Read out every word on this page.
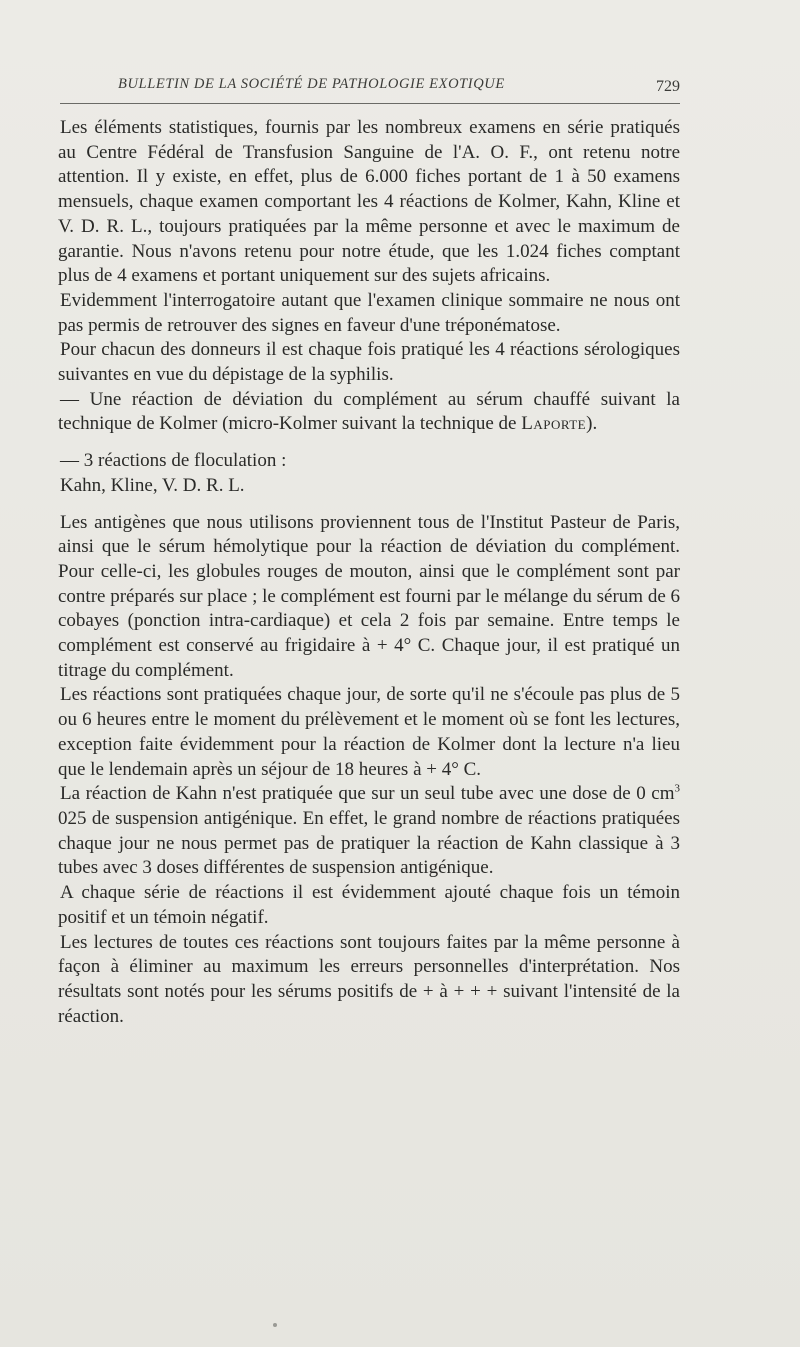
BULLETIN DE LA SOCIÉTÉ DE PATHOLOGIE EXOTIQUE	729

Les éléments statistiques, fournis par les nombreux examens en série pratiqués au Centre Fédéral de Transfusion Sanguine de l'A. O. F., ont retenu notre attention. Il y existe, en effet, plus de 6.000 fiches portant de 1 à 50 examens mensuels, chaque examen comportant les 4 réactions de Kolmer, Kahn, Kline et V. D. R. L., toujours pratiquées par la même personne et avec le maximum de garantie. Nous n'avons retenu pour notre étude, que les 1.024 fiches comptant plus de 4 examens et portant uniquement sur des sujets africains.

Evidemment l'interrogatoire autant que l'examen clinique sommaire ne nous ont pas permis de retrouver des signes en faveur d'une tréponématose.

Pour chacun des donneurs il est chaque fois pratiqué les 4 réactions sérologiques suivantes en vue du dépistage de la syphilis.

— Une réaction de déviation du complément au sérum chauffé suivant la technique de Kolmer (micro-Kolmer suivant la technique de Laporte).

— 3 réactions de floculation :

Kahn, Kline, V. D. R. L.

Les antigènes que nous utilisons proviennent tous de l'Institut Pasteur de Paris, ainsi que le sérum hémolytique pour la réaction de déviation du complément. Pour celle-ci, les globules rouges de mouton, ainsi que le complément sont par contre préparés sur place ; le complément est fourni par le mélange du sérum de 6 cobayes (ponction intra-cardiaque) et cela 2 fois par semaine. Entre temps le complément est conservé au frigidaire à + 4° C. Chaque jour, il est pratiqué un titrage du complément.

Les réactions sont pratiquées chaque jour, de sorte qu'il ne s'écoule pas plus de 5 ou 6 heures entre le moment du prélèvement et le moment où se font les lectures, exception faite évidemment pour la réaction de Kolmer dont la lecture n'a lieu que le lendemain après un séjour de 18 heures à + 4° C.

La réaction de Kahn n'est pratiquée que sur un seul tube avec une dose de 0 $cm^3$ 025 de suspension antigénique. En effet, le grand nombre de réactions pratiquées chaque jour ne nous permet pas de pratiquer la réaction de Kahn classique à 3 tubes avec 3 doses différentes de suspension antigénique.

A chaque série de réactions il est évidemment ajouté chaque fois un témoin positif et un témoin négatif.

Les lectures de toutes ces réactions sont toujours faites par la même personne à façon à éliminer au maximum les erreurs personnelles d'interprétation. Nos résultats sont notés pour les sérums positifs de + à + + + suivant l'intensité de la réaction.
